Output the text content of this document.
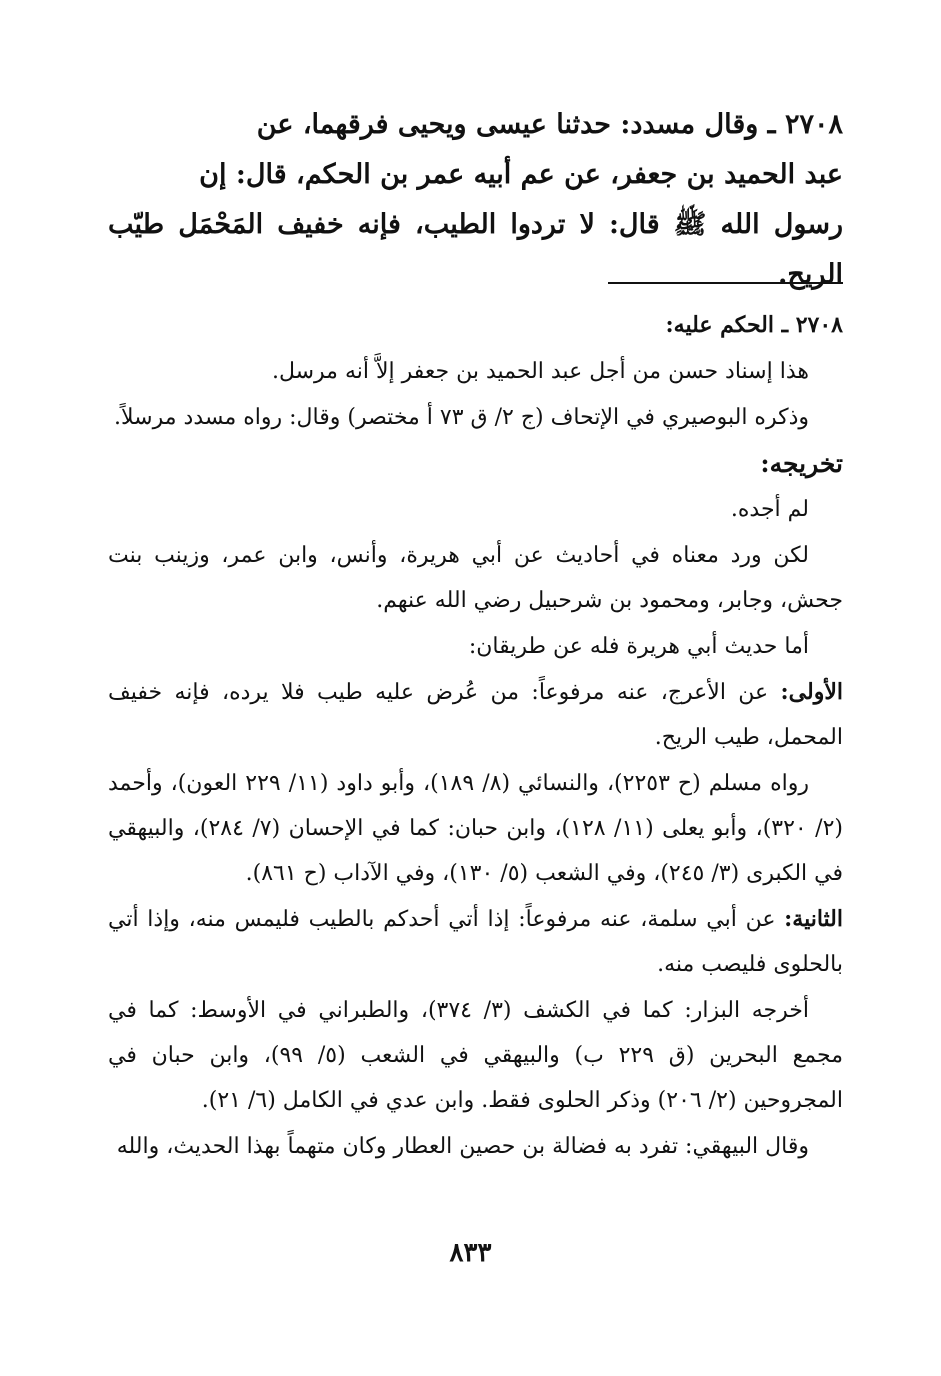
٢٧٠٨ ـ وقال مسدد: حدثنا عيسى ويحيى فرقهما، عن

عبد الحميد بن جعفر، عن عم أبيه عمر بن الحكم، قال: إن

رسول الله ﷺ قال: لا تردوا الطيب، فإنه خفيف المَحْمَل طيّب الريح.

٢٧٠٨ ـ الحكم عليه:

هذا إسناد حسن من أجل عبد الحميد بن جعفر إلاَّ أنه مرسل.

وذكره البوصيري في الإتحاف (ج ٢/ ق ٧٣ أ مختصر) وقال: رواه مسدد مرسلاً.

تخريجه:

لم أجده.

لكن ورد معناه في أحاديث عن أبي هريرة، وأنس، وابن عمر، وزينب بنت جحش، وجابر، ومحمود بن شرحبيل رضي الله عنهم.

أما حديث أبي هريرة فله عن طريقان:

الأولى: عن الأعرج، عنه مرفوعاً: من عُرض عليه طيب فلا يرده، فإنه خفيف المحمل، طيب الريح.

رواه مسلم (ح ٢٢٥٣)، والنسائي (٨/ ١٨٩)، وأبو داود (١١/ ٢٢٩ العون)، وأحمد (٢/ ٣٢٠)، وأبو يعلى (١١/ ١٢٨)، وابن حبان: كما في الإحسان (٧/ ٢٨٤)، والبيهقي في الكبرى (٣/ ٢٤٥)، وفي الشعب (٥/ ١٣٠)، وفي الآداب (ح ٨٦١).

الثانية: عن أبي سلمة، عنه مرفوعاً: إذا أتي أحدكم بالطيب فليمس منه، وإذا أتي بالحلوى فليصب منه.

أخرجه البزار: كما في الكشف (٣/ ٣٧٤)، والطبراني في الأوسط: كما في مجمع البحرين (ق ٢٢٩ ب) والبيهقي في الشعب (٥/ ٩٩)، وابن حبان في المجروحين (٢/ ٢٠٦) وذكر الحلوى فقط. وابن عدي في الكامل (٦/ ٢١).

وقال البيهقي: تفرد به فضالة بن حصين العطار وكان متهماً بهذا الحديث، والله

٨٣٣
